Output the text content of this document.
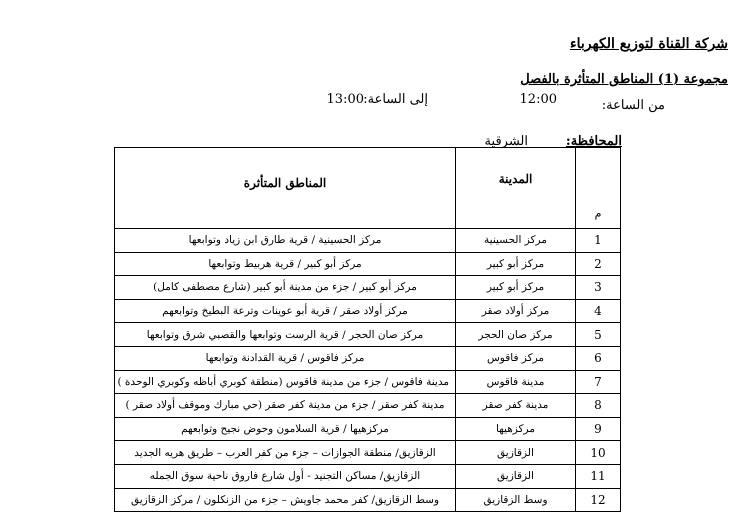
شركة القناة لتوزيع الكهرباء
مجموعة (1) المناطق المتأثرة بالفصل
من الساعة:
12:00
إلى الساعة:
13:00
المحافظة:
الشرقية
م	المدينة	المناطق المتأثرة
1	مركز الحسينية	مركز الحسينية / قرية طارق ابن زياد وتوابعها
2	مركز أبو كبير	مركز أبو كبير / قرية هربيط وتوابعها
3	مركز أبو كبير	مركز أبو كبير / جزء من مدينة أبو كبير (شارع مصطفى كامل)
4	مركز أولاد صقر	مركز أولاد صقر / قرية أبو عوينات وترعة البطيخ وتوابعهم
5	مركز صان الحجر	مركز صان الحجر / قرية الرست وتوابعها والقصبي شرق وتوابعها
6	مركز فاقوس	مركز فاقوس / قرية القدادنة وتوابعها
7	مدينة فاقوس	مدينة فاقوس / جزء من مدينة فاقوس (منطقة كوبري أباظه وكوبري الوحدة )
8	مدينة كفر صقر	مدينة كفر صقر / جزء من مدينة كفر صقر (حي مبارك وموقف أولاد صقر )
9	مركزهيها	مركزهيها / قرية السلامون وحوض نجيح وتوابعهم
10	الزقازيق	الزقازيق/ منطقة الجوازات – جزء من كفر العرب – طريق هريه الجديد
11	الزقازيق	الزقازيق/ مساكن التجنيد - أول شارع فاروق ناحية سوق الجمله
12	وسط الزقازيق	وسط الزقازيق/ كفر محمد جاويش – جزء من الزنكلون / مركز الزقازيق
